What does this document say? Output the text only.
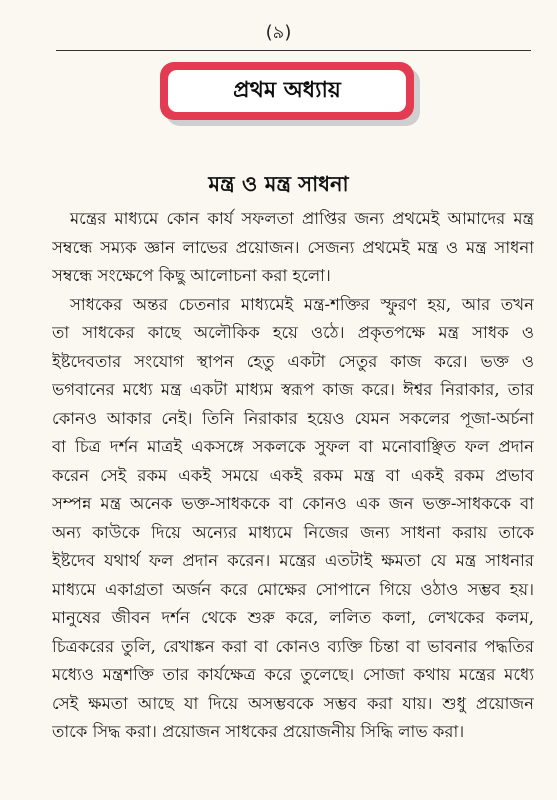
(৯)
প্রথম অধ্যায়
মন্ত্র ও মন্ত্র সাধনা
মন্ত্রের মাধ্যমে কোন কার্য সফলতা প্রাপ্তির জন্য প্রথমেই আমাদের মন্ত্র
সম্বন্ধে সম্যক জ্ঞান লাভের প্রয়োজন। সেজন্য প্রথমেই মন্ত্র ও মন্ত্র সাধনা
সম্বন্ধে সংক্ষেপে কিছু আলোচনা করা হলো।
সাধকের অন্তর চেতনার মাধ্যমেই মন্ত্র-শক্তির স্ফুরণ হয়, আর তখন
তা সাধকের কাছে অলৌকিক হয়ে ওঠে। প্রকৃতপক্ষে মন্ত্র সাধক ও
ইষ্টদেবতার সংযোগ স্থাপন হেতু একটা সেতুর কাজ করে। ভক্ত ও
ভগবানের মধ্যে মন্ত্র একটা মাধ্যম স্বরূপ কাজ করে। ঈশ্বর নিরাকার, তার
কোনও আকার নেই। তিনি নিরাকার হয়েও যেমন সকলের পূজা-অর্চনা
বা চিত্র দর্শন মাত্রই একসঙ্গে সকলকে সুফল বা মনোবাঞ্ছিত ফল প্রদান
করেন সেই রকম একই সময়ে একই রকম মন্ত্র বা একই রকম প্রভাব
সম্পন্ন মন্ত্র অনেক ভক্ত-সাধককে বা কোনও এক জন ভক্ত-সাধককে বা
অন্য কাউকে দিয়ে অন্যের মাধ্যমে নিজের জন্য সাধনা করায় তাকে
ইষ্টদেব যথার্থ ফল প্রদান করেন। মন্ত্রের এতটাই ক্ষমতা যে মন্ত্র সাধনার
মাধ্যমে একাগ্রতা অর্জন করে মোক্ষের সোপানে গিয়ে ওঠাও সম্ভব হয়।
মানুষের জীবন দর্শন থেকে শুরু করে, ললিত কলা, লেখকের কলম,
চিত্রকরের তুলি, রেখাঙ্কন করা বা কোনও ব্যক্তি চিন্তা বা ভাবনার পদ্ধতির
মধ্যেও মন্ত্রশক্তি তার কার্যক্ষেত্র করে তুলেছে। সোজা কথায় মন্ত্রের মধ্যে
সেই ক্ষমতা আছে যা দিয়ে অসম্ভবকে সম্ভব করা যায়। শুধু প্রয়োজন
তাকে সিদ্ধ করা। প্রয়োজন সাধকের প্রয়োজনীয় সিদ্ধি লাভ করা।
